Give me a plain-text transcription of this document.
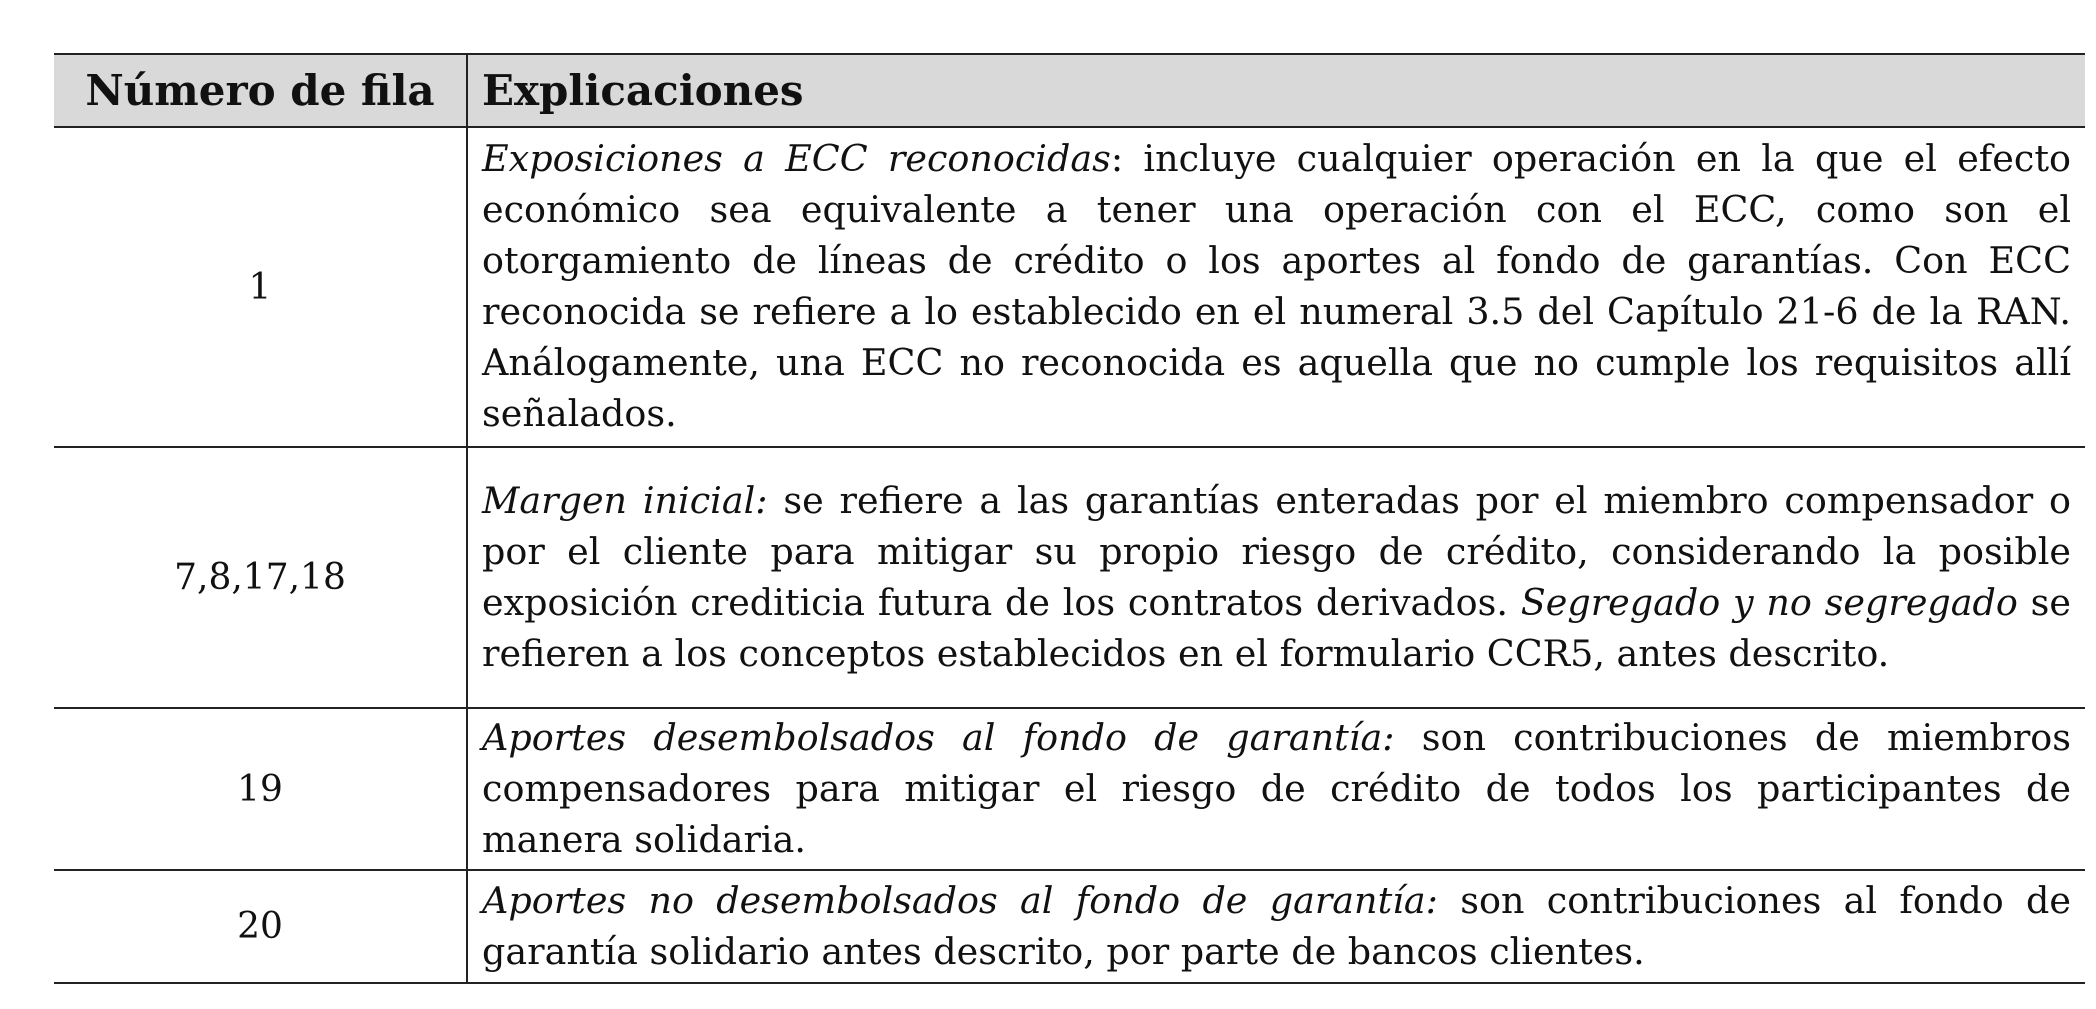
Número de fila	Explicaciones
1	Exposiciones a ECC reconocidas: incluye cualquier operación en la que el efecto económico sea equivalente a tener una operación con el ECC, como son el otorgamiento de líneas de crédito o los aportes al fondo de garantías. Con ECC reconocida se refiere a lo establecido en el numeral 3.5 del Capítulo 21-6 de la RAN. Análogamente, una ECC no reconocida es aquella que no cumple los requisitos allí señalados.
7,8,17,18	Margen inicial: se refiere a las garantías enteradas por el miembro compensador o por el cliente para mitigar su propio riesgo de crédito, considerando la posible exposición crediticia futura de los contratos derivados. Segregado y no segregado se refieren a los conceptos establecidos en el formulario CCR5, antes descrito.
19	Aportes desembolsados al fondo de garantía: son contribuciones de miembros compensadores para mitigar el riesgo de crédito de todos los participantes de manera solidaria.
20	Aportes no desembolsados al fondo de garantía: son contribuciones al fondo de garantía solidario antes descrito, por parte de bancos clientes.
